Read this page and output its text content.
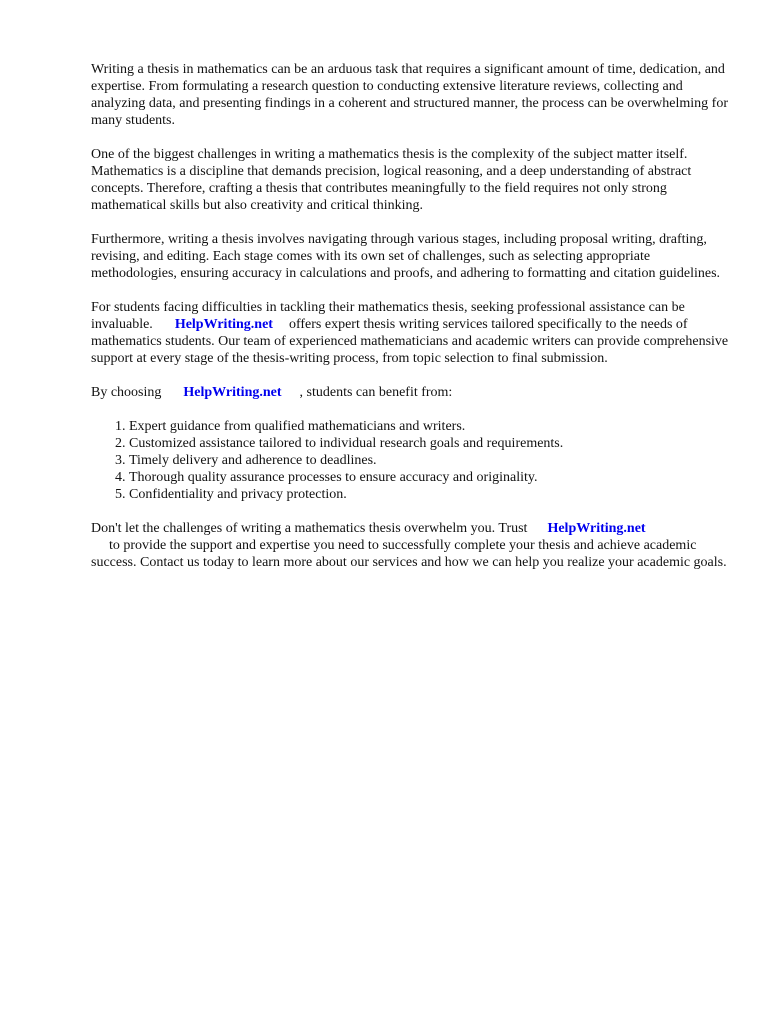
Writing a thesis in mathematics can be an arduous task that requires a significant amount of time, dedication, and expertise. From formulating a research question to conducting extensive literature reviews, collecting and analyzing data, and presenting findings in a coherent and structured manner, the process can be overwhelming for many students.

One of the biggest challenges in writing a mathematics thesis is the complexity of the subject matter itself. Mathematics is a discipline that demands precision, logical reasoning, and a deep understanding of abstract concepts. Therefore, crafting a thesis that contributes meaningfully to the field requires not only strong mathematical skills but also creativity and critical thinking.

Furthermore, writing a thesis involves navigating through various stages, including proposal writing, drafting, revising, and editing. Each stage comes with its own set of challenges, such as selecting appropriate methodologies, ensuring accuracy in calculations and proofs, and adhering to formatting and citation guidelines.

For students facing difficulties in tackling their mathematics thesis, seeking professional assistance can be invaluable. HelpWriting.net offers expert thesis writing services tailored specifically to the needs of mathematics students. Our team of experienced mathematicians and academic writers can provide comprehensive support at every stage of the thesis-writing process, from topic selection to final submission.

By choosing HelpWriting.net , students can benefit from:

1. Expert guidance from qualified mathematicians and writers.
2. Customized assistance tailored to individual research goals and requirements.
3. Timely delivery and adherence to deadlines.
4. Thorough quality assurance processes to ensure accuracy and originality.
5. Confidentiality and privacy protection.

Don't let the challenges of writing a mathematics thesis overwhelm you. Trust HelpWriting.net
to provide the support and expertise you need to successfully complete your thesis and achieve academic success. Contact us today to learn more about our services and how we can help you realize your academic goals.
